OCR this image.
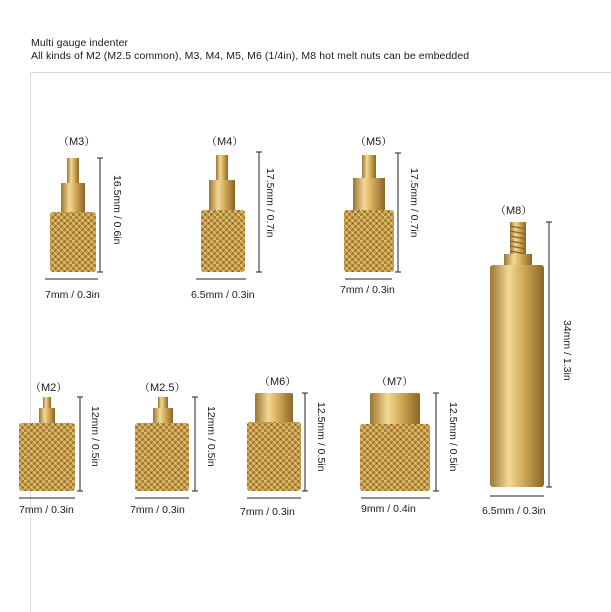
Multi gauge indenter
All kinds of M2 (M2.5 common), M3, M4, M5, M6 (1/4in), M8 hot melt nuts can be embedded
（M3）
16.5mm / 0.6in
7mm / 0.3in
（M4）
17.5mm / 0.7in
6.5mm / 0.3in
（M5）
17.5mm / 0.7in
7mm / 0.3in
（M8）
34mm / 1.3in
6.5mm / 0.3in
（M2）
12mm / 0.5in
7mm / 0.3in
（M2.5）
12mm / 0.5in
7mm / 0.3in
（M6）
12.5mm / 0.5in
7mm / 0.3in
（M7）
12.5mm / 0.5in
9mm / 0.4in
